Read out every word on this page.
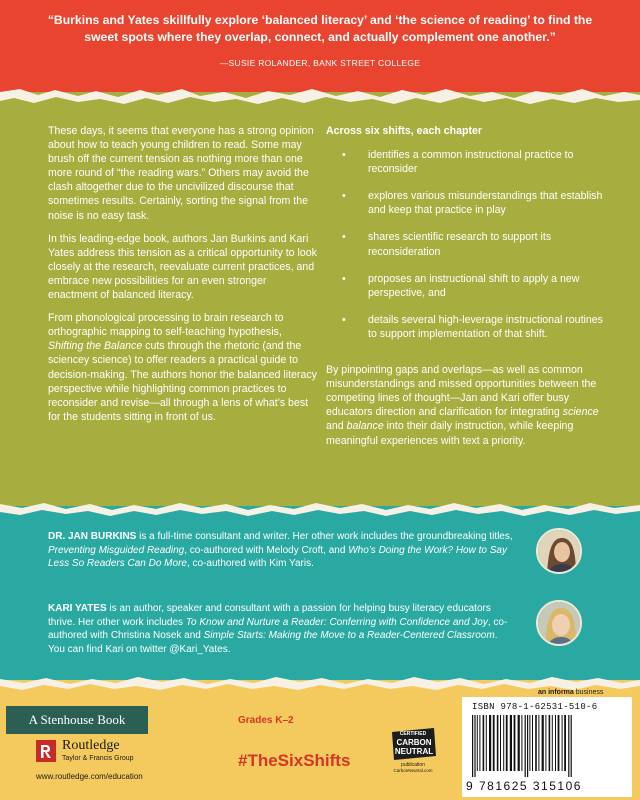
“Burkins and Yates skillfully explore ‘balanced literacy’ and ‘the science of reading’ to find the sweet spots where they overlap, connect, and actually complement one another.”
—SUSIE ROLANDER, BANK STREET COLLEGE

These days, it seems that everyone has a strong opinion about how to teach young children to read. Some may brush off the current tension as nothing more than one more round of “the reading wars.” Others may avoid the clash altogether due to the uncivilized discourse that sometimes results. Certainly, sorting the signal from the noise is no easy task.

In this leading-edge book, authors Jan Burkins and Kari Yates address this tension as a critical opportunity to look closely at the research, reevaluate current practices, and embrace new possibilities for an even stronger enactment of balanced literacy.

From phonological processing to brain research to orthographic mapping to self-teaching hypothesis, Shifting the Balance cuts through the rhetoric (and the sciencey science) to offer readers a practical guide to decision-making. The authors honor the balanced literacy perspective while highlighting common practices to reconsider and revise—all through a lens of what’s best for the students sitting in front of us.

Across six shifts, each chapter
• identifies a common instructional practice to reconsider
• explores various misunderstandings that establish and keep that practice in play
• shares scientific research to support its reconsideration
• proposes an instructional shift to apply a new perspective, and
• details several high-leverage instructional routines to support implementation of that shift.

By pinpointing gaps and overlaps—as well as common misunderstandings and missed opportunities between the competing lines of thought—Jan and Kari offer busy educators direction and clarification for integrating science and balance into their daily instruction, while keeping meaningful experiences with text a priority.

DR. JAN BURKINS is a full-time consultant and writer. Her other work includes the groundbreaking titles, Preventing Misguided Reading, co-authored with Melody Croft, and Who’s Doing the Work? How to Say Less So Readers Can Do More, co-authored with Kim Yaris.
KARI YATES is an author, speaker and consultant with a passion for helping busy literacy educators thrive. Her other work includes To Know and Nurture a Reader: Conferring with Confidence and Joy, co-authored with Christina Nosek and Simple Starts: Making the Move to a Reader-Centered Classroom. You can find Kari on twitter @Kari_Yates.
A Stenhouse Book
Routledge
Taylor & Francis Group
www.routledge.com/education
Grades K–2
#TheSixShifts
CERTIFIED
CARBON
NEUTRAL
publication
CarbonNeutral.com
an informa business
ISBN 978-1-62531-510-6
9 781625 315106
